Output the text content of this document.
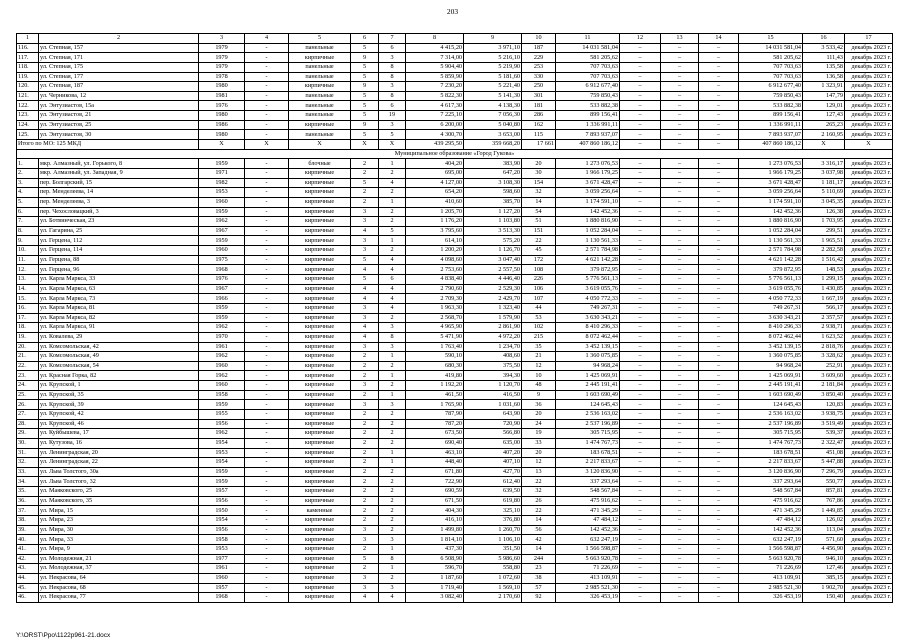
203
1	2	3	4	5	6	7	8	9	10	11	12	13	14	15	16	17
116.	ул. Степная, 157	1979	-	панельные	5	6	4 415,20	3 971,10	187	14 031 581,04	–	–	–	14 031 581,04	3 533,42	декабрь 2023 г.
117.	ул. Степная, 171	1979	-	кирпичные	9	3	7 314,00	5 216,10	229	581 205,62	–	–	–	581 205,62	111,43	декабрь 2023 г.
118.	ул. Степная, 175	1979	-	панельные	5	8	5 904,40	5 219,90	253	707 703,63	–	–	–	707 703,63	135,58	декабрь 2023 г.
119.	ул. Степная, 177	1978	-	панельные	5	8	5 859,90	5 181,60	330	707 703,63	–	–	–	707 703,63	136,58	декабрь 2023 г.
120.	ул. Степная, 187	1980	-	кирпичные	9	3	7 230,20	5 221,40	250	6 912 677,40	–	–	–	6 912 677,40	1 323,91	декабрь 2023 г.
121.	ул. Черникова, 12	1981	-	панельные	5	8	5 822,30	5 141,30	301	759 850,43	–	–	–	759 850,43	147,79	декабрь 2023 г.
122.	ул. Энтузиастов, 15а	1976	-	панельные	5	6	4 617,30	4 138,30	181	533 882,38	–	–	–	533 882,38	129,01	декабрь 2023 г.
123.	ул. Энтузиастов, 21	1980	-	панельные	5	19	7 225,10	7 056,30	286	899 156,41	–	–	–	899 156,41	127,43	декабрь 2023 г.
124.	ул. Энтузиастов, 25	1986	-	кирпичные	9	3	6 200,00	5 040,80	162	1 336 991,11	–	–	–	1 336 991,11	265,23	декабрь 2023 г.
125.	ул. Энтузиастов, 30	1980	-	панельные	5	5	4 300,70	3 653,00	115	7 893 937,07	–	–	–	7 893 937,07	2 160,95	декабрь 2023 г.
Итого по МО: 125 МКД		X	X	X	X	X	439 295,50	359 668,20	17 661	407 860 186,12	–	–	–	407 860 186,12	X	X
Муниципальное образование «Город Гукова»																
1.	мкр. Алмазный, ул. Горького, 8	1959	-	блочные	2	1	404,20	383,90	20	1 273 076,53	–	–	–	1 273 076,53	3 316,17	декабрь 2023 г.
2.	мкр. Алмазный, ул. Западная, 9	1971	-	кирпичные	2	2	695,00	647,20	30	1 966 179,25	–	–	–	1 966 179,25	3 037,98	декабрь 2023 г.
3.	пер. Болгарский, 15	1982	-	кирпичные	5	4	4 127,00	3 108,30	154	3 671 428,47	–	–	–	3 671 428,47	1 181,17	декабрь 2023 г.
4.	пер. Менделеева, 14	1953	-	кирпичные	2	2	654,20	598,60	32	3 059 256,64	–	–	–	3 059 256,64	5 110,69	декабрь 2023 г.
5.	пер. Менделеева, 3	1960	-	кирпичные	2	1	410,60	385,70	14	1 174 591,10	–	–	–	1 174 591,10	3 045,35	декабрь 2023 г.
6.	пер. Чехословацкий, 3	1959	-	кирпичные	3	2	1 205,70	1 127,20	54	142 452,36	–	–	–	142 452,36	126,38	декабрь 2023 г.
7.	ул. Ботвинческая, 23	1962	-	кирпичные	3	2	1 176,20	1 103,80	51	1 880 816,90	–	–	–	1 880 816,90	1 703,95	декабрь 2023 г.
8.	ул. Гагарина, 25	1967	-	кирпичные	4	5	3 795,60	3 513,30	151	1 052 284,04	–	–	–	1 052 284,04	299,51	декабрь 2023 г.
9.	ул. Герцена, 112	1959	-	кирпичные	3	1	614,10	575,20	22	1 130 561,33	–	–	–	1 130 561,33	1 965,51	декабрь 2023 г.
10.	ул. Герцена, 114	1960	-	кирпичные	3	2	1 200,20	1 126,70	45	2 571 784,98	–	–	–	2 571 784,98	2 282,58	декабрь 2023 г.
11.	ул. Герцена, 88	1975	-	кирпичные	5	4	4 098,60	3 047,40	172	4 621 142,28	–	–	–	4 621 142,28	1 516,42	декабрь 2023 г.
12.	ул. Герцена, 96	1968	-	кирпичные	4	4	2 753,60	2 557,50	108	379 872,95	–	–	–	379 872,95	148,53	декабрь 2023 г.
13.	ул. Карла Маркса, 33	1976	-	кирпичные	5	6	4 838,40	4 446,40	226	5 776 561,13	–	–	–	5 776 561,13	1 299,15	декабрь 2023 г.
14.	ул. Карла Маркса, 63	1967	-	кирпичные	4	4	2 790,60	2 529,30	106	3 619 055,76	–	–	–	3 619 055,76	1 430,85	декабрь 2023 г.
15.	ул. Карла Маркса, 73	1966	-	кирпичные	4	4	2 709,30	2 429,70	107	4 050 772,33	–	–	–	4 050 772,33	1 667,19	декабрь 2023 г.
16.	ул. Карла Маркса, 81	1959	-	кирпичные	3	4	1 963,30	1 323,40	44	749 267,31	–	–	–	749 267,31	566,17	декабрь 2023 г.
17.	ул. Карла Маркса, 82	1959	-	кирпичные	3	2	2 568,70	1 579,90	53	3 630 343,21	–	–	–	3 630 343,21	2 357,57	декабрь 2023 г.
18.	ул. Карла Маркса, 91	1962	-	кирпичные	4	3	4 965,90	2 861,90	102	8 410 296,33	–	–	–	8 410 296,33	2 938,71	декабрь 2023 г.
19.	ул. Ковалева, 29	1970	-	кирпичные	4	8	5 471,90	4 972,20	215	8 072 462,44	–	–	–	8 072 462,44	1 623,52	декабрь 2023 г.
20.	ул. Комсомольская, 42	1961	-	кирпичные	3	3	1 763,40	1 234,70	35	3 452 139,15	–	–	–	3 452 139,15	2 818,76	декабрь 2023 г.
21.	ул. Комсомольская, 49	1962	-	кирпичные	2	1	590,10	408,60	21	1 360 075,85	–	–	–	1 360 075,85	3 328,62	декабрь 2023 г.
22.	ул. Комсомольская, 54	1960	-	кирпичные	2	2	680,30	375,50	12	94 968,24	–	–	–	94 968,24	252,91	декабрь 2023 г.
23.	ул. Красная Горка, 82	1962	-	кирпичные	2	1	419,80	394,30	10	1 425 069,91	–	–	–	1 425 069,91	3 609,60	декабрь 2023 г.
24.	ул. Крупской, 1	1960	-	кирпичные	3	2	1 192,20	1 120,70	48	2 445 191,41	–	–	–	2 445 191,41	2 181,84	декабрь 2023 г.
25.	ул. Крупской, 35	1958	-	кирпичные	2	1	461,50	416,50	9	1 603 690,49	–	–	–	1 603 690,49	3 850,40	декабрь 2023 г.
26.	ул. Крупской, 39	1959	-	кирпичные	3	3	1 765,90	1 031,60	36	124 645,43	–	–	–	124 645,43	120,83	декабрь 2023 г.
27.	ул. Крупской, 42	1955	-	кирпичные	2	2	787,90	643,90	20	2 536 163,02	–	–	–	2 536 163,02	3 938,75	декабрь 2023 г.
28.	ул. Крупской, 46	1956	-	кирпичные	2	2	787,20	720,90	24	2 537 196,89	–	–	–	2 537 196,89	3 519,49	декабрь 2023 г.
29.	ул. Куйбышева, 17	1962	-	кирпичные	2	2	673,50	566,80	19	305 715,95	–	–	–	305 715,95	539,37	декабрь 2023 г.
30.	ул. Кутузова, 16	1954	-	кирпичные	2	2	690,40	635,00	33	1 474 767,73	–	–	–	1 474 767,73	2 322,47	декабрь 2023 г.
31.	ул. Ленинградская, 20	1953	-	кирпичные	2	1	463,10	407,20	20	183 678,51	–	–	–	183 678,51	451,08	декабрь 2023 г.
32.	ул. Ленинградская, 22	1954	-	кирпичные	2	1	448,40	407,10	12	2 217 833,67	–	–	–	2 217 833,67	5 447,88	декабрь 2023 г.
33.	ул. Льва Толстого, 30а	1959	-	кирпичные	2	2	671,80	427,70	13	3 120 836,90	–	–	–	3 120 836,90	7 296,79	декабрь 2023 г.
34.	ул. Льва Толстого, 32	1959	-	кирпичные	2	2	722,90	612,40	22	337 293,64	–	–	–	337 293,64	550,77	декабрь 2023 г.
35.	ул. Маяковского, 25	1957	-	кирпичные	2	2	690,59	639,50	32	548 567,84	–	–	–	548 567,84	857,81	декабрь 2023 г.
36.	ул. Маяковского, 35	1956	-	кирпичные	2	2	671,50	619,80	26	475 916,62	–	–	–	475 916,62	767,86	декабрь 2023 г.
37.	ул. Мира, 15	1950	-	каменные	2	2	404,30	325,10	22	471 345,29	–	–	–	471 345,29	1 449,85	декабрь 2023 г.
38.	ул. Мира, 23	1954	-	кирпичные	2	2	416,10	376,80	14	47 484,12	–	–	–	47 484,12	126,02	декабрь 2023 г.
39.	ул. Мира, 30	1956	-	кирпичные	3	2	1 499,80	1 260,70	56	142 452,36	–	–	–	142 452,36	113,04	декабрь 2023 г.
40.	ул. Мира, 33	1958	-	кирпичные	3	3	1 814,10	1 106,10	42	632 247,19	–	–	–	632 247,19	571,60	декабрь 2023 г.
41.	ул. Мира, 9	1953	-	кирпичные	2	1	437,30	351,50	14	1 566 598,87	–	–	–	1 566 598,87	4 456,90	декабрь 2023 г.
42.	ул. Молодежная, 21	1977	-	кирпичные	5	8	6 508,90	5 986,60	244	5 663 920,78	–	–	–	5 663 920,78	946,10	декабрь 2023 г.
43.	ул. Молодежная, 37	1961	-	кирпичные	2	1	596,70	558,80	23	71 226,69	–	–	–	71 226,69	127,46	декабрь 2023 г.
44.	ул. Некрасова, 64	1960	-	кирпичные	3	2	1 187,60	1 072,60	38	413 109,91	–	–	–	413 109,91	385,15	декабрь 2023 г.
45.	ул. Некрасова, 68	1957	-	кирпичные	3	3	1 719,40	1 569,10	57	2 985 521,30	–	–	–	2 985 521,30	1 902,70	декабрь 2023 г.
46.	ул. Некрасова, 77	1968	-	кирпичные	4	4	3 082,40	2 170,60	92	326 453,19	–	–	–	326 453,19	150,40	декабрь 2023 г.
Y:\ORST\Ppo\1122p961-21.docx
